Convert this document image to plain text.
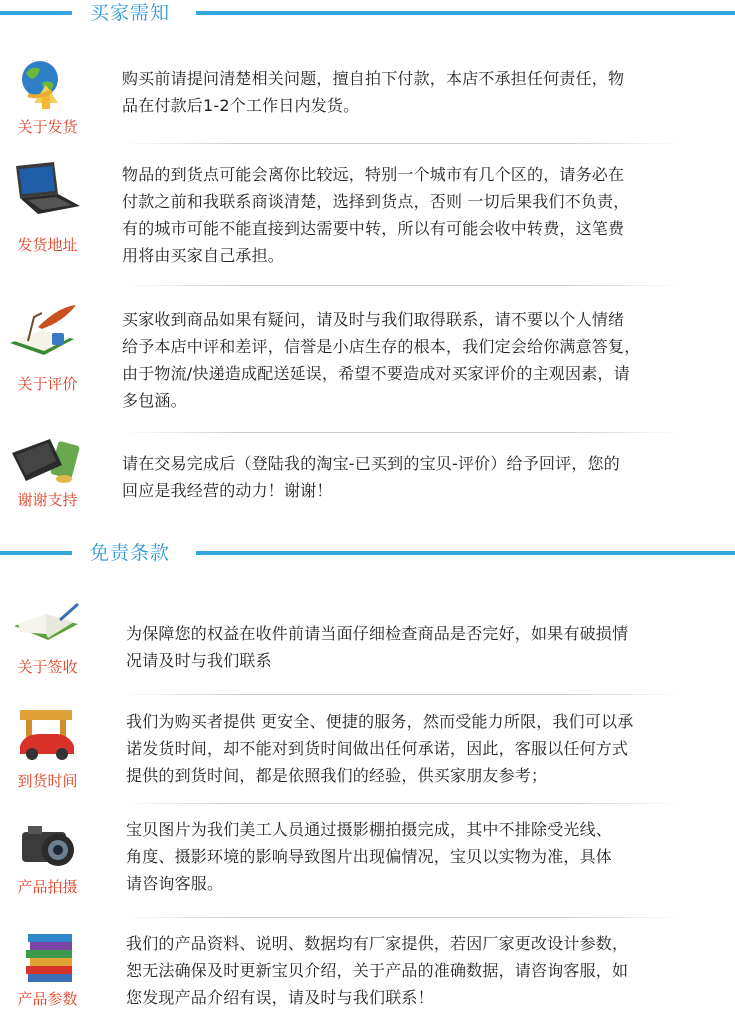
买家需知
关于发货
购买前请提问清楚相关问题，擅自拍下付款，本店不承担任何责任，物
品在付款后1-2个工作日内发货。
发货地址
物品的到货点可能会离你比较远，特别一个城市有几个区的，请务必在
付款之前和我联系商谈清楚，选择到货点，否则 一切后果我们不负责，
有的城市可能不能直接到达需要中转，所以有可能会收中转费，这笔费
用将由买家自己承担。
关于评价
买家收到商品如果有疑问，请及时与我们取得联系，请不要以个人情绪
给予本店中评和差评，信誉是小店生存的根本，我们定会给你满意答复，
由于物流/快递造成配送延误，希望不要造成对买家评价的主观因素，请
多包涵。
谢谢支持
请在交易完成后（登陆我的淘宝-已买到的宝贝-评价）给予回评，您的
回应是我经营的动力！谢谢！
免责条款
关于签收
为保障您的权益在收件前请当面仔细检查商品是否完好，如果有破损情
况请及时与我们联系
到货时间
我们为购买者提供 更安全、便捷的服务，然而受能力所限，我们可以承
诺发货时间，却不能对到货时间做出任何承诺，因此，客服以任何方式
提供的到货时间，都是依照我们的经验，供买家朋友参考；
产品拍摄
宝贝图片为我们美工人员通过摄影棚拍摄完成，其中不排除受光线、
角度、摄影环境的影响导致图片出现偏情况，宝贝以实物为准，具体
请咨询客服。
产品参数
我们的产品资料、说明、数据均有厂家提供，若因厂家更改设计参数，
恕无法确保及时更新宝贝介绍，关于产品的准确数据，请咨询客服，如
您发现产品介绍有误，请及时与我们联系！
